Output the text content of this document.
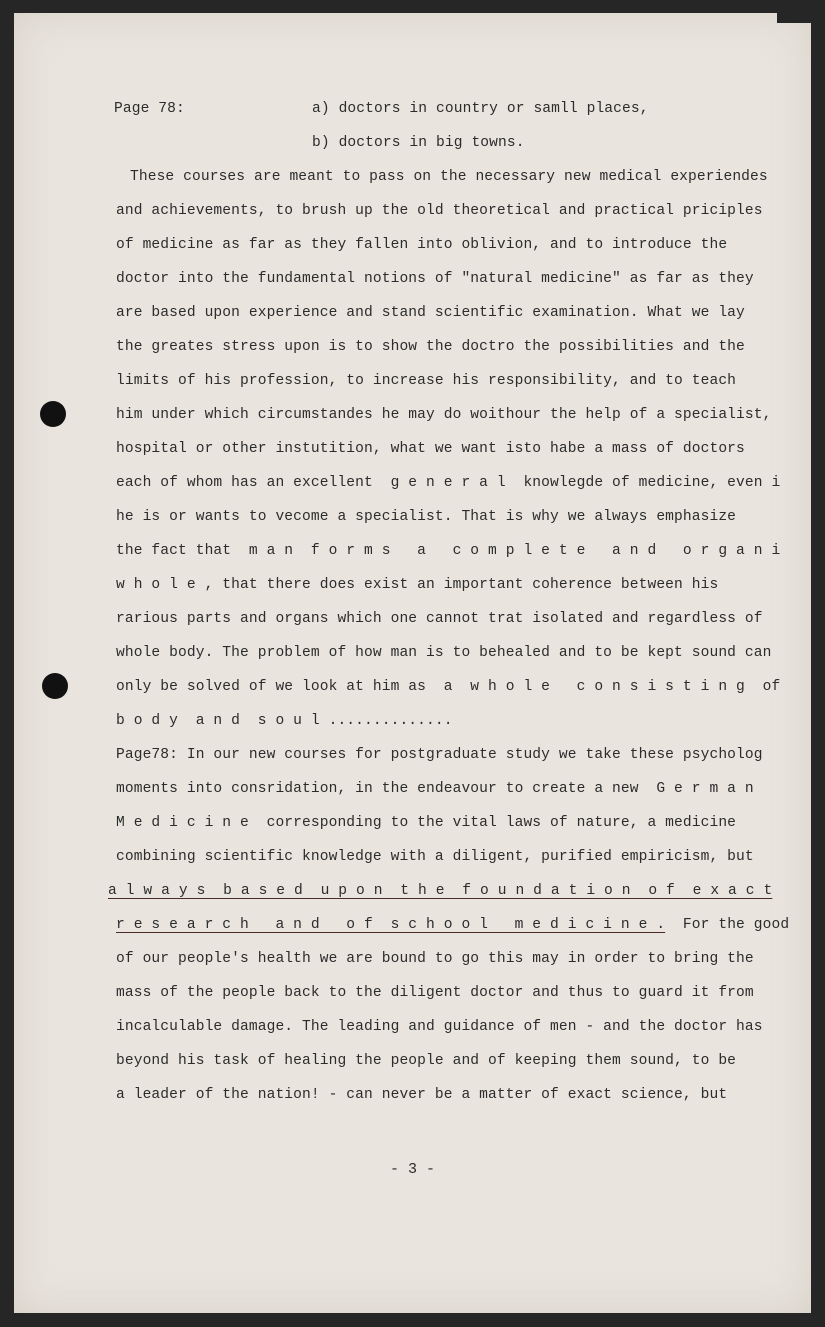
Page 78:	a) doctors in country or samll places,
b) doctors in big towns.
These courses are meant to pass on the necessary new medical experiendes
and achievements, to brush up the old theoretical and practical priciples
of medicine as far as they fallen into oblivion, and to introduce the
doctor into the fundamental notions of "natural medicine" as far as they
are based upon experience and stand scientific examination. What we lay
the greates stress upon is to show the doctro the possibilities and the
limits of his profession, to increase his responsibility, and to teach
him under which circumstandes he may do woithour the help of a specialist,
hospital or other instutition, what we want isto habe a mass of doctors
each of whom has an excellent  g e n e r a l  knowlegde of medicine, even i
he is or wants to vecome a specialist. That is why we always emphasize
the fact that  m a n  f o r m s   a   c o m p l e t e   a n d   o r g a n i
w h o l e , that there does exist an important coherence between his
rarious parts and organs which one cannot trat isolated and regardless of
whole body. The problem of how man is to behealed and to be kept sound can
only be solved of we look at him as  a  w h o l e   c o n s i s t i n g  of
b o d y  a n d  s o u l ..............
Page78: In our new courses for postgraduate study we take these psycholog
moments into consridation, in the endeavour to create a new  G e r m a n
M e d i c i n e  corresponding to the vital laws of nature, a medicine
combining scientific knowledge with a diligent, purified empiricism, but
a l w a y s  b a s e d  u p o n  t h e  f o u n d a t i o n  o f  e x a c t
r e s e a r c h   a n d   o f  s c h o o l   m e d i c i n e .  For the good
of our people's health we are bound to go this may in order to bring the
mass of the people back to the diligent doctor and thus to guard it from
incalculable damage. The leading and guidance of men - and the doctor has
beyond his task of healing the people and of keeping them sound, to be
a leader of the nation! - can never be a matter of exact science, but
- 3 -
